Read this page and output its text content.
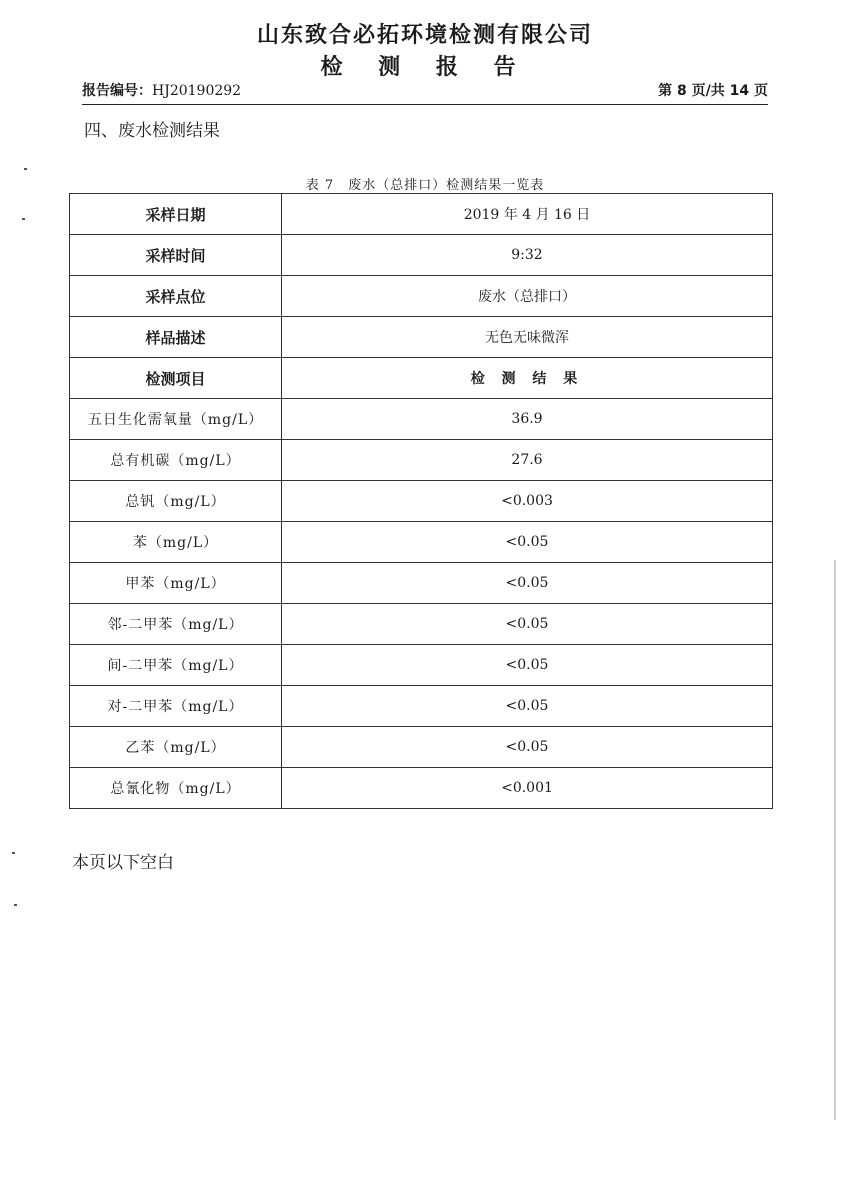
山东致合必拓环境检测有限公司
检 测 报 告
报告编号：HJ20190292	第 8 页/共 14 页
四、废水检测结果
表 7　废水（总排口）检测结果一览表
采样日期	2019 年 4 月 16 日
采样时间	9:32
采样点位	废水（总排口）
样品描述	无色无味微浑
检测项目	检 测 结 果
五日生化需氧量（mg/L）	36.9
总有机碳（mg/L）	27.6
总钒（mg/L）	<0.003
苯（mg/L）	<0.05
甲苯（mg/L）	<0.05
邻-二甲苯（mg/L）	<0.05
间-二甲苯（mg/L）	<0.05
对-二甲苯（mg/L）	<0.05
乙苯（mg/L）	<0.05
总氰化物（mg/L）	<0.001
本页以下空白
